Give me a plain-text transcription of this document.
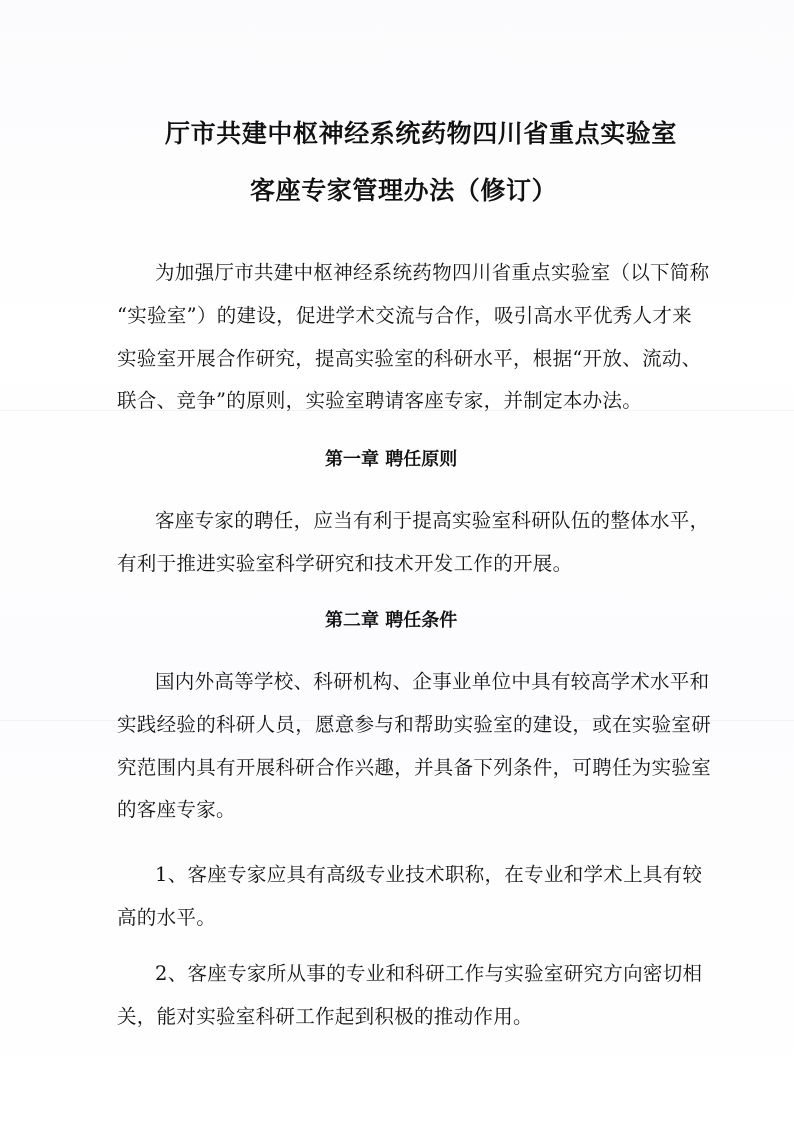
厅市共建中枢神经系统药物四川省重点实验室
客座专家管理办法（修订）
为加强厅市共建中枢神经系统药物四川省重点实验室（以下简称
“实验室”）的建设，促进学术交流与合作，吸引高水平优秀人才来
实验室开展合作研究，提高实验室的科研水平，根据“开放、流动、
联合、竞争”的原则，实验室聘请客座专家，并制定本办法。
第一章 聘任原则
客座专家的聘任，应当有利于提高实验室科研队伍的整体水平，
有利于推进实验室科学研究和技术开发工作的开展。
第二章 聘任条件
国内外高等学校、科研机构、企事业单位中具有较高学术水平和
实践经验的科研人员，愿意参与和帮助实验室的建设，或在实验室研
究范围内具有开展科研合作兴趣，并具备下列条件，可聘任为实验室
的客座专家。
1、客座专家应具有高级专业技术职称，在专业和学术上具有较
高的水平。
2、客座专家所从事的专业和科研工作与实验室研究方向密切相
关，能对实验室科研工作起到积极的推动作用。
